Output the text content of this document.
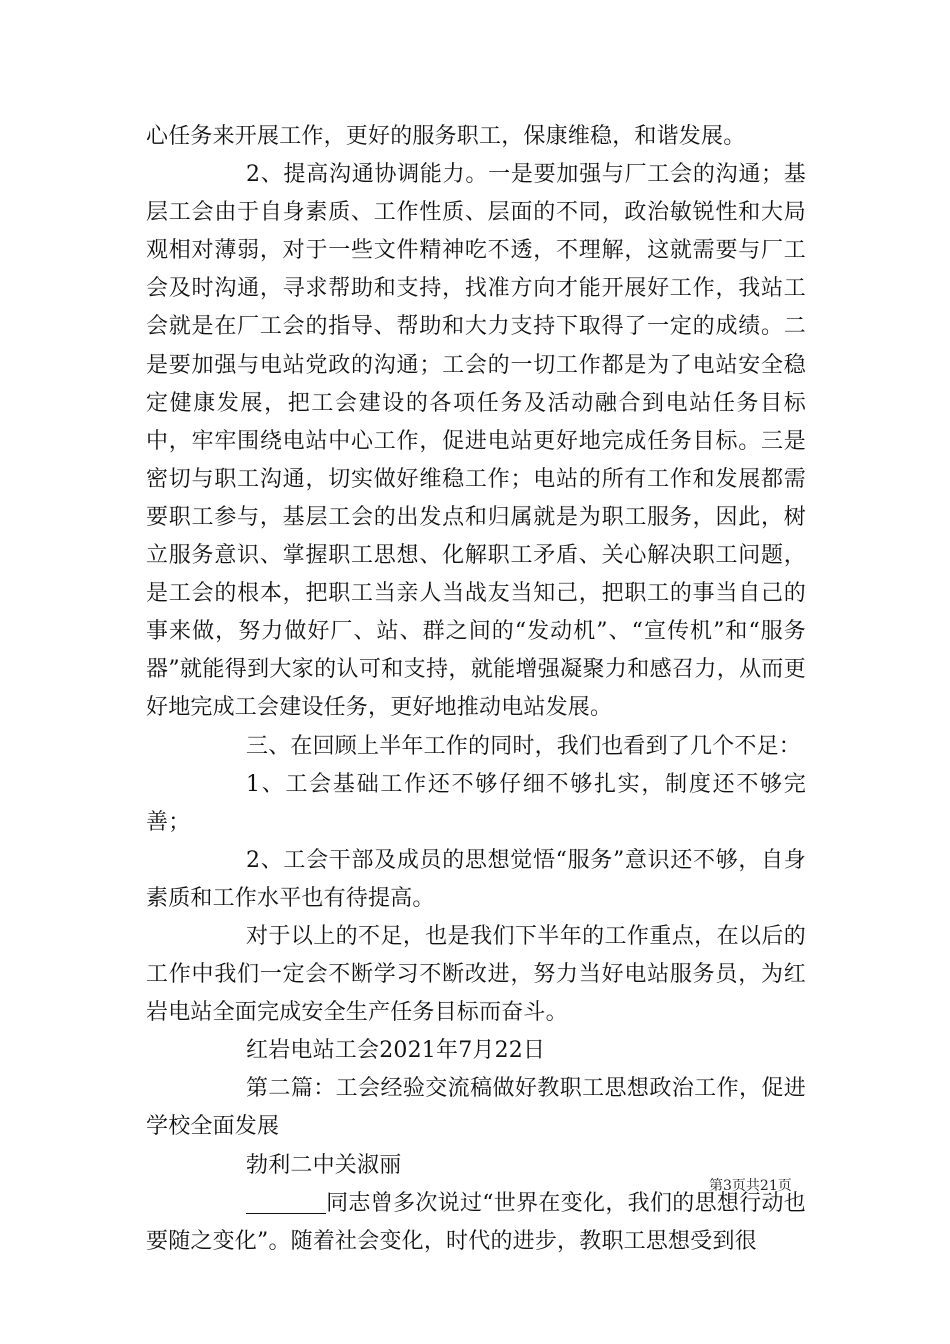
心任务来开展工作，更好的服务职工，保康维稳，和谐发展。

2、提高沟通协调能力。一是要加强与厂工会的沟通；基层工会由于自身素质、工作性质、层面的不同，政治敏锐性和大局观相对薄弱，对于一些文件精神吃不透，不理解，这就需要与厂工会及时沟通，寻求帮助和支持，找准方向才能开展好工作，我站工会就是在厂工会的指导、帮助和大力支持下取得了一定的成绩。二是要加强与电站党政的沟通；工会的一切工作都是为了电站安全稳定健康发展，把工会建设的各项任务及活动融合到电站任务目标中，牢牢围绕电站中心工作，促进电站更好地完成任务目标。三是密切与职工沟通，切实做好维稳工作；电站的所有工作和发展都需要职工参与，基层工会的出发点和归属就是为职工服务，因此，树立服务意识、掌握职工思想、化解职工矛盾、关心解决职工问题，是工会的根本，把职工当亲人当战友当知己，把职工的事当自己的事来做，努力做好厂、站、群之间的“发动机”、“宣传机”和“服务器”就能得到大家的认可和支持，就能增强凝聚力和感召力，从而更好地完成工会建设任务，更好地推动电站发展。

三、在回顾上半年工作的同时，我们也看到了几个不足：

1、工会基础工作还不够仔细不够扎实，制度还不够完善；

2、工会干部及成员的思想觉悟“服务”意识还不够，自身素质和工作水平也有待提高。

对于以上的不足，也是我们下半年的工作重点，在以后的工作中我们一定会不断学习不断改进，努力当好电站服务员，为红岩电站全面完成安全生产任务目标而奋斗。

红岩电站工会2021年7月22日

第二篇：工会经验交流稿做好教职工思想政治工作，促进学校全面发展

勃利二中关淑丽

同志曾多次说过“世界在变化，我们的思想行动也要随之变化”。随着社会变化，时代的进步，教职工思想受到很

第3页共21页
